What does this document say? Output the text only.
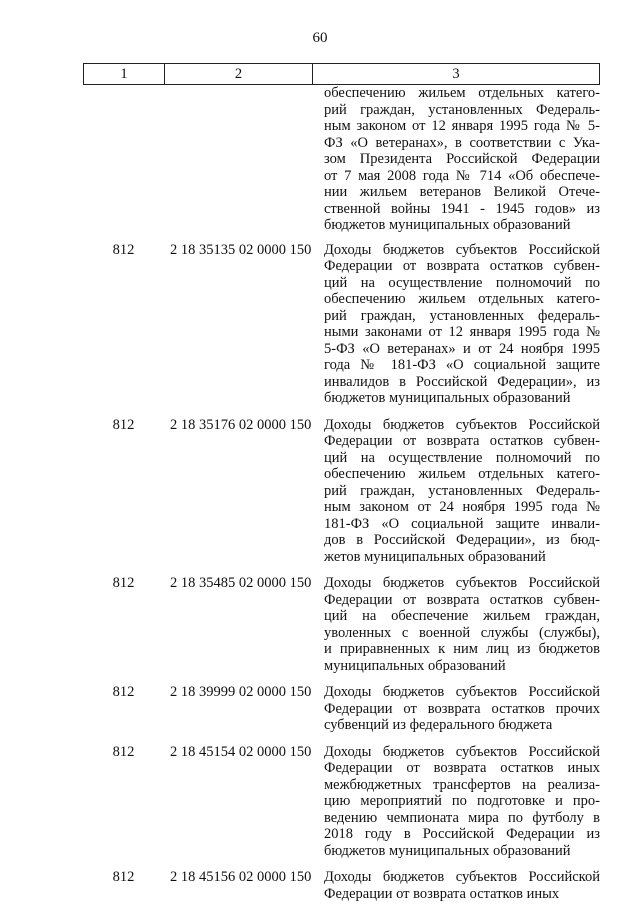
60
1	2	3
обеспечению жильем отдельных катего-
рий граждан, установленных Федераль-
ным законом от 12 января 1995 года № 5-
ФЗ «О ветеранах», в соответствии с Ука-
зом Президента Российской Федерации
от 7 мая 2008 года № 714 «Об обеспече-
нии жильем ветеранов Великой Отече-
ственной войны 1941 - 1945 годов» из
бюджетов муниципальных образований
812	2 18 35135 02 0000 150 Доходы бюджетов субъектов Российской
Федерации от возврата остатков субвен-
ций на осуществление полномочий по
обеспечению жильем отдельных катего-
рий граждан, установленных федераль-
ными законами от 12 января 1995 года №
5-ФЗ «О ветеранах» и от 24 ноября 1995
года № 181-ФЗ «О социальной защите
инвалидов в Российской Федерации», из
бюджетов муниципальных образований
812	2 18 35176 02 0000 150 Доходы бюджетов субъектов Российской
Федерации от возврата остатков субвен-
ций на осуществление полномочий по
обеспечению жильем отдельных катего-
рий граждан, установленных Федераль-
ным законом от 24 ноября 1995 года №
181-ФЗ «О социальной защите инвали-
дов в Российской Федерации», из бюд-
жетов муниципальных образований
812	2 18 35485 02 0000 150 Доходы бюджетов субъектов Российской
Федерации от возврата остатков субвен-
ций на обеспечение жильем граждан,
уволенных с военной службы (службы),
и приравненных к ним лиц из бюджетов
муниципальных образований
812	2 18 39999 02 0000 150 Доходы бюджетов субъектов Российской
Федерации от возврата остатков прочих
субвенций из федерального бюджета
812	2 18 45154 02 0000 150 Доходы бюджетов субъектов Российской
Федерации от возврата остатков иных
межбюджетных трансфертов на реализа-
цию мероприятий по подготовке и про-
ведению чемпионата мира по футболу в
2018 году в Российской Федерации из
бюджетов муниципальных образований
812	2 18 45156 02 0000 150 Доходы бюджетов субъектов Российской
Федерации от возврата остатков иных
